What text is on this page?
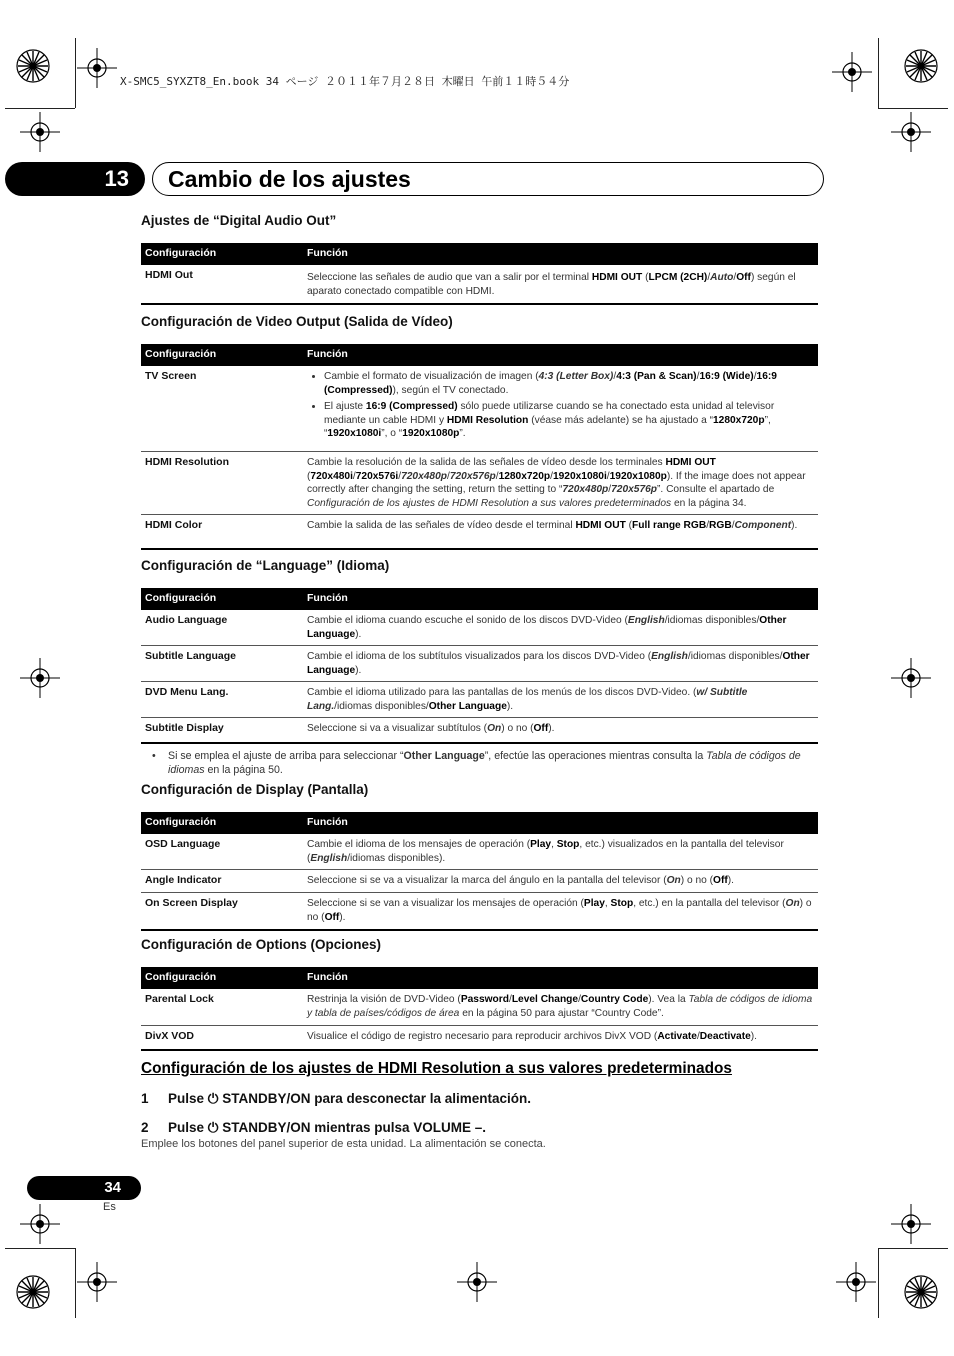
X-SMC5_SYXZT8_En.book 34 ページ ２０１１年７月２８日 木曜日 午前１１時５４分
13	Cambio de los ajustes
Ajustes de “Digital Audio Out”
Configuración	Función
HDMI Out	Seleccione las señales de audio que van a salir por el terminal HDMI OUT (LPCM (2CH)/Auto/Off) según el aparato conectado compatible con HDMI.
Configuración de Video Output (Salida de Vídeo)
Configuración	Función
TV Screen
•	Cambie el formato de visualización de imagen (4:3 (Letter Box)/4:3 (Pan & Scan)/16:9 (Wide)/16:9 (Compressed)), según el TV conectado.
• El ajuste 16:9 (Compressed) sólo puede utilizarse cuando se ha conectado esta unidad al televisor mediante un cable HDMI y HDMI Resolution (véase más adelante) se ha ajustado a “1280x720p”, “1920x1080i”, o “1920x1080p”.
HDMI Resolution	Cambie la resolución de la salida de las señales de vídeo desde los terminales HDMI OUT (720x480i/720x576i/720x480p/720x576p/1280x720p/1920x1080i/1920x1080p). If the image does not appear correctly after changing the setting, return the setting to “720x480p/720x576p”. Consulte el apartado de Configuración de los ajustes de HDMI Resolution a sus valores predeterminados en la página 34.
HDMI Color	Cambie la salida de las señales de vídeo desde el terminal HDMI OUT (Full range RGB/RGB/Component).
Configuración de “Language” (Idioma)
Configuración	Función
Audio Language	Cambie el idioma cuando escuche el sonido de los discos DVD-Video (English/idiomas disponibles/Other Language).
Subtitle Language	Cambie el idioma de los subtítulos visualizados para los discos DVD-Video (English/idiomas disponibles/Other Language).
DVD Menu Lang.	Cambie el idioma utilizado para las pantallas de los menús de los discos DVD-Video. (w/ Subtitle Lang./idiomas disponibles/Other Language).
Subtitle Display	Seleccione si va a visualizar subtítulos (On) o no (Off).
• Si se emplea el ajuste de arriba para seleccionar “Other Language”, efectúe las operaciones mientras consulta la Tabla de códigos de idiomas en la página 50.
Configuración de Display (Pantalla)
Configuración	Función
OSD Language	Cambie el idioma de los mensajes de operación (Play, Stop, etc.) visualizados en la pantalla del televisor (English/idiomas disponibles).
Angle Indicator	Seleccione si se va a visualizar la marca del ángulo en la pantalla del televisor (On) o no (Off).
On Screen Display	Seleccione si se van a visualizar los mensajes de operación (Play, Stop, etc.) en la pantalla del televisor (On) o no (Off).
Configuración de Options (Opciones)
Configuración	Función
Parental Lock	Restrinja la visión de DVD-Video (Password/Level Change/Country Code). Vea la Tabla de códigos de idioma y tabla de países/códigos de área en la página 50 para ajustar “Country Code”.
DivX VOD	Visualice el código de registro necesario para reproducir archivos DivX VOD (Activate/Deactivate).
Configuración de los ajustes de HDMI Resolution a sus valores predeterminados
1 Pulse ⏻ STANDBY/ON para desconectar la alimentación.
2 Pulse ⏻ STANDBY/ON mientras pulsa VOLUME –.
Emplee los botones del panel superior de esta unidad. La alimentación se conecta.
34
Es
